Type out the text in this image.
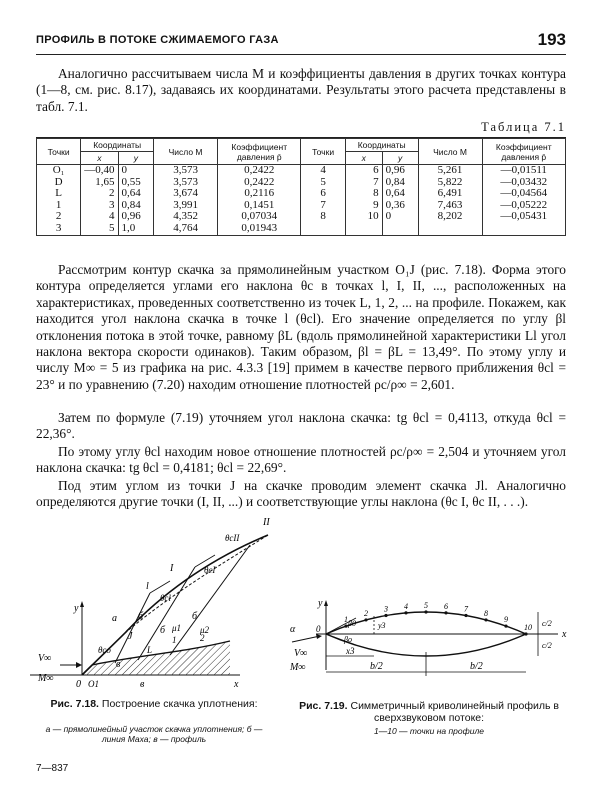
ПРОФИЛЬ В ПОТОКЕ СЖИМАЕМОГО ГАЗА	193

Аналогично рассчитываем числа M и коэффициенты давления в других точках контура (1—8, см. рис. 8.17), задаваясь их координатами. Результаты этого расчета представлены в табл. 7.1.

Таблица 7.1
Точки	Координаты		Число M	Коэффициент давления p̄	Точки	Координаты		Число M	Коэффициент давления p̄
	x	y				x	y		
O₁	—0,40	0	3,573	0,2422	4	6	0,96	5,261	—0,01511
D	1,65	0,55	3,573	0,2422	5	7	0,84	5,822	—0,03432
L	2	0,64	3,674	0,2116	6	8	0,64	6,491	—0,04564
1	3	0,84	3,991	0,1451	7	9	0,36	7,463	—0,05222
2	4	0,96	4,352	0,07034	8	10	0	8,202	—0,05431
3	5	1,0	4,764	0,01943					

Рассмотрим контур скачка за прямолинейным участком O₁J (рис. 7.18). Форма этого контура определяется углами его наклона θс в точках l, I, II, ..., расположенных на характеристиках, проведенных соответственно из точек L, 1, 2, ... на профиле. Покажем, как находится угол наклона скачка в точке l (θcl). Его значение определяется по углу βl отклонения потока в этой точке, равному βL (вдоль прямолинейной характеристики Ll угол наклона вектора скорости одинаков). Таким образом, βl = βL = 13,49°. По этому углу и числу M∞ = 5 из графика на рис. 4.3.3 [19] примем в качестве первого приближения θcl = 23° и по уравнению (7.20) находим отношение плотностей ρc/ρ∞ = 2,601.

Затем по формуле (7.19) уточняем угол наклона скачка: tg θcl = 0,4113, откуда θcl = 22,36°.

По этому углу θcl находим новое отношение плотностей ρc/ρ∞ = 2,504 и уточняем угол наклона скачка: tg θcl = 0,4181; θcl = 22,69°.

Под этим углом из точки J на скачке проводим элемент скачка Jl. Аналогично определяются другие точки (I, II, ...) и соответствующие углы наклона (θc I, θc II, . . .).

II
θcII
I	θcI
l
θcl
y
a б
б
б
J
L
1	2
μ1 μ2
θco
в
V∞
M∞
0 O1	в	x
Рис. 7.18. Построение скачка уплотнения:
a — прямолинейный участок скачка уплотнения; б — линия Маха; в — профиль
1
2 3 4 5 6 7 8
9
10
y
x
α 0
β0
βo
y3
x3
b/2	b/2
V∞
M∞
c/2
c/2
Рис. 7.19. Симметричный криволинейный профиль в сверхзвуковом потоке:
1—10 — точки на профиле
7—837
